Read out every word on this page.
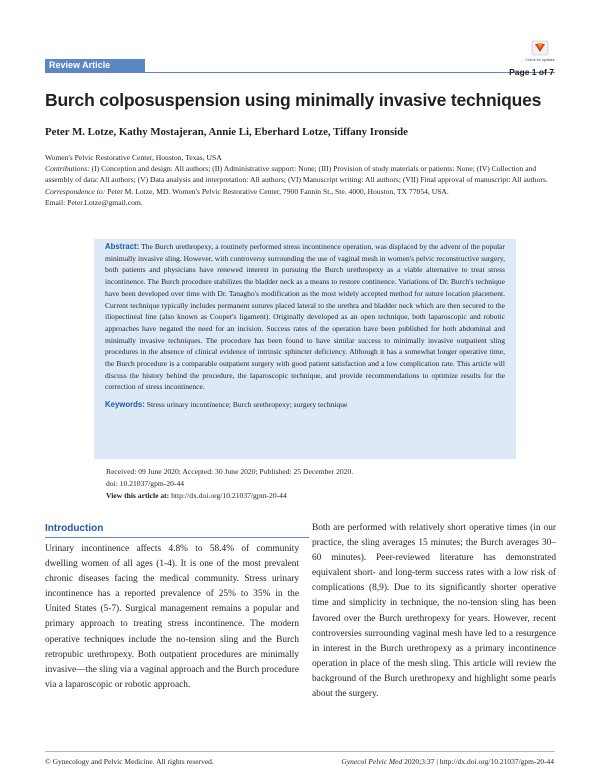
Check for updates
Review Article
Page 1 of 7
Burch colposuspension using minimally invasive techniques
Peter M. Lotze, Kathy Mostajeran, Annie Li, Eberhard Lotze, Tiffany Ironside

Women's Pelvic Restorative Center, Houston, Texas, USA

Contributions: (I) Conception and design: All authors; (II) Administrative support: None; (III) Provision of study materials or patients: None; (IV) Collection and assembly of data: All authors; (V) Data analysis and interpretation: All authors; (VI) Manuscript writing: All authors; (VII) Final approval of manuscript: All authors.

Correspondence to: Peter M. Lotze, MD. Women's Pelvic Restorative Center, 7900 Fannin St., Ste. 4000, Houston, TX 77054, USA.

Email: Peter.Lotze@gmail.com.

Abstract: The Burch urethropexy, a routinely performed stress incontinence operation, was displaced by the advent of the popular minimally invasive sling. However, with controversy surrounding the use of vaginal mesh in women's pelvic reconstructive surgery, both patients and physicians have renewed interest in pursuing the Burch urethropexy as a viable alternative to treat stress incontinence. The Burch procedure stabilizes the bladder neck as a means to restore continence. Variations of Dr. Burch's technique have been developed over time with Dr. Tanagho's modification as the most widely accepted method for suture location placement. Current technique typically includes permanent sutures placed lateral to the urethra and bladder neck which are then secured to the iliopectineal line (also known as Cooper's ligament). Originally developed as an open technique, both laparoscopic and robotic approaches have negated the need for an incision. Success rates of the operation have been published for both abdominal and minimally invasive techniques. The procedure has been found to have similar success to minimally invasive outpatient sling procedures in the absence of clinical evidence of intrinsic sphincter deficiency. Although it has a somewhat longer operative time, the Burch procedure is a comparable outpatient surgery with good patient satisfaction and a low complication rate. This article will discuss the history behind the procedure, the laparoscopic technique, and provide recommendations to optimize results for the correction of stress incontinence.
Keywords: Stress urinary incontinence; Burch urethropexy; surgery technique

Received: 09 June 2020; Accepted: 30 June 2020; Published: 25 December 2020.

doi: 10.21037/gpm-20-44

View this article at: http://dx.doi.org/10.21037/gpm-20-44

Introduction
Urinary incontinence affects 4.8% to 58.4% of community dwelling women of all ages (1-4). It is one of the most prevalent chronic diseases facing the medical community. Stress urinary incontinence has a reported prevalence of 25% to 35% in the United States (5-7). Surgical management remains a popular and primary approach to treating stress incontinence. The modern operative techniques include the no-tension sling and the Burch retropubic urethropexy. Both outpatient procedures are minimally invasive—the sling via a vaginal approach and the Burch procedure via a laparoscopic or robotic approach.
Both are performed with relatively short operative times (in our practice, the sling averages 15 minutes; the Burch averages 30–60 minutes). Peer-reviewed literature has demonstrated equivalent short- and long-term success rates with a low risk of complications (8,9). Due to its significantly shorter operative time and simplicity in technique, the no-tension sling has been favored over the Burch urethropexy for years. However, recent controversies surrounding vaginal mesh have led to a resurgence in interest in the Burch urethropexy as a primary incontinence operation in place of the mesh sling. This article will review the background of the Burch urethropexy and highlight some pearls about the surgery.
© Gynecology and Pelvic Medicine. All rights reserved.	Gynecol Pelvic Med 2020;3:37 | http://dx.doi.org/10.21037/gpm-20-44
